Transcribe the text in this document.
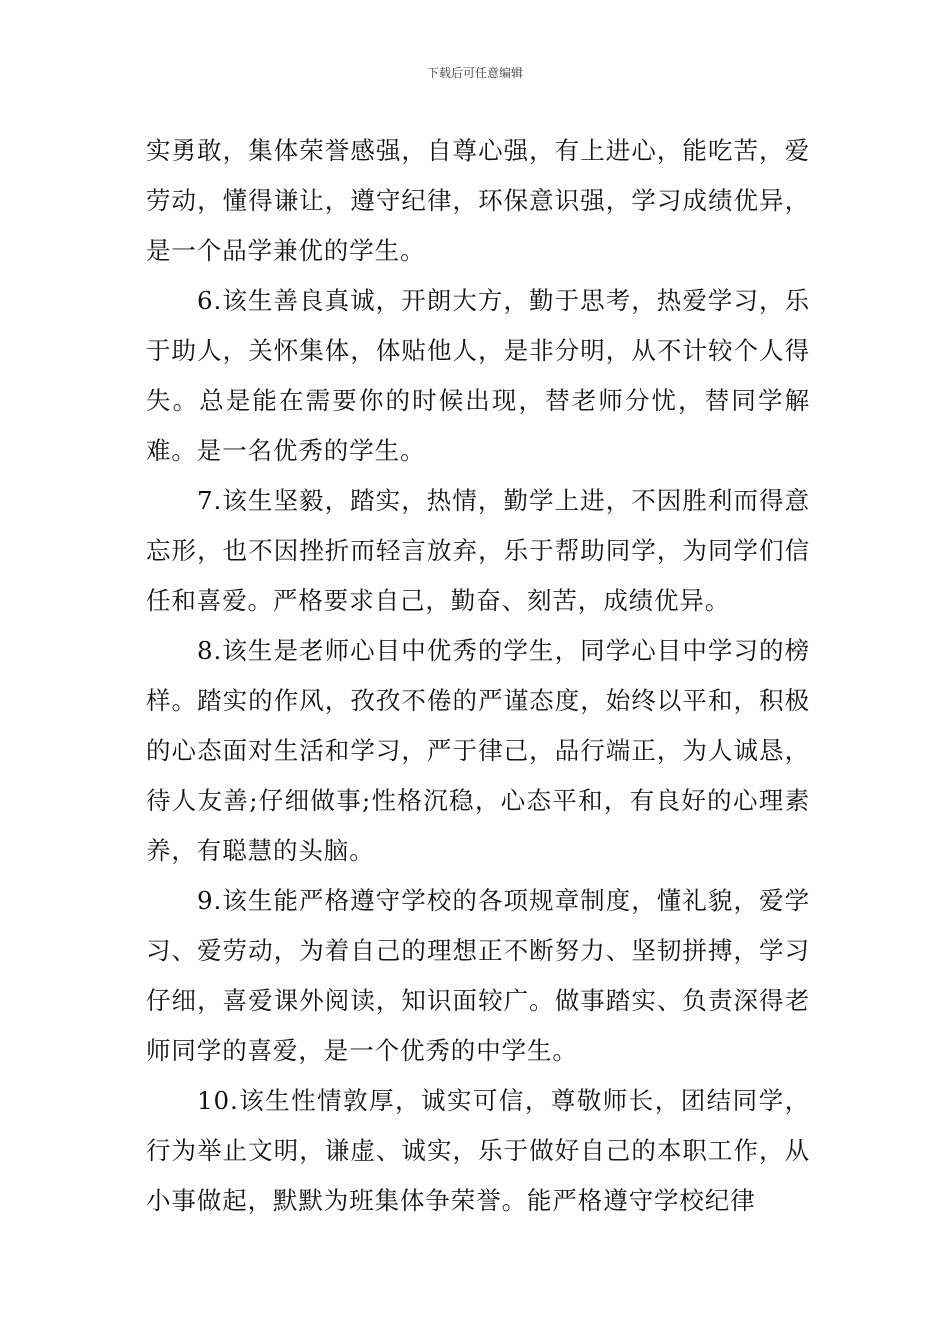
下载后可任意编辑

实勇敢，集体荣誉感强，自尊心强，有上进心，能吃苦，爱劳动，懂得谦让，遵守纪律，环保意识强，学习成绩优异，是一个品学兼优的学生。

6.该生善良真诚，开朗大方，勤于思考，热爱学习，乐于助人，关怀集体，体贴他人，是非分明，从不计较个人得失。总是能在需要你的时候出现，替老师分忧，替同学解难。是一名优秀的学生。

7.该生坚毅，踏实，热情，勤学上进，不因胜利而得意忘形，也不因挫折而轻言放弃，乐于帮助同学，为同学们信任和喜爱。严格要求自己，勤奋、刻苦，成绩优异。

8.该生是老师心目中优秀的学生，同学心目中学习的榜样。踏实的作风，孜孜不倦的严谨态度，始终以平和，积极的心态面对生活和学习，严于律己，品行端正，为人诚恳，待人友善;仔细做事;性格沉稳，心态平和，有良好的心理素养，有聪慧的头脑。

9.该生能严格遵守学校的各项规章制度，懂礼貌，爱学习、爱劳动，为着自己的理想正不断努力、坚韧拼搏，学习仔细，喜爱课外阅读，知识面较广。做事踏实、负责深得老师同学的喜爱，是一个优秀的中学生。

10.该生性情敦厚，诚实可信，尊敬师长，团结同学，行为举止文明，谦虚、诚实，乐于做好自己的本职工作，从小事做起，默默为班集体争荣誉。能严格遵守学校纪律
